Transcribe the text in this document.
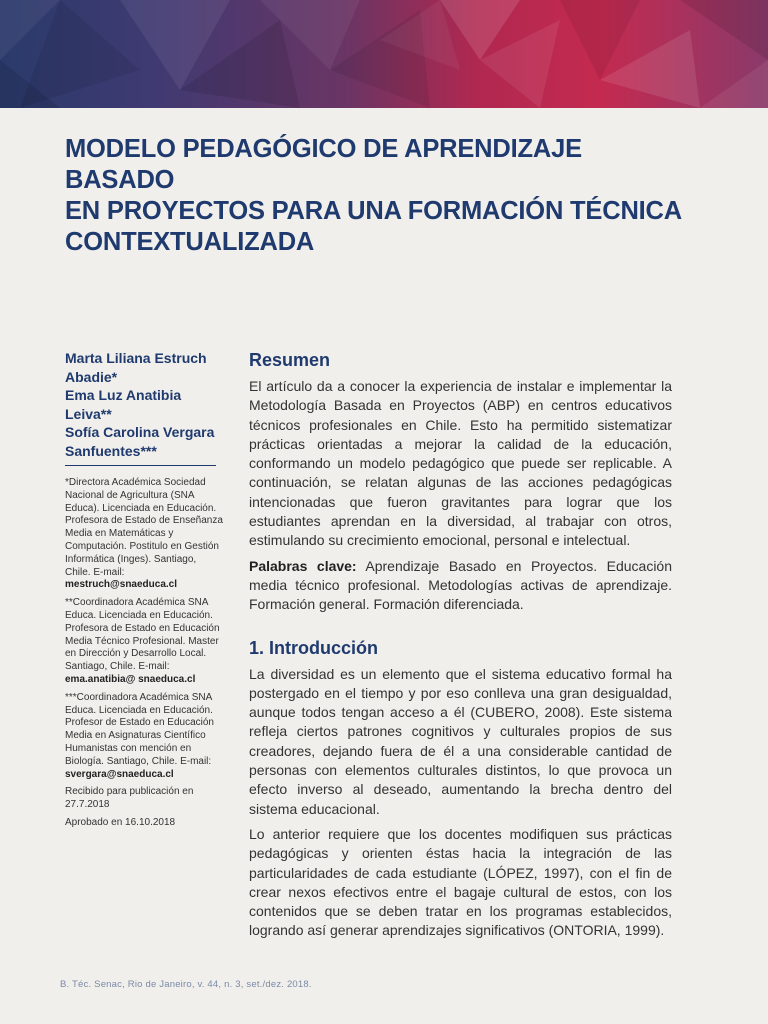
MODELO PEDAGÓGICO DE APRENDIZAJE BASADO
EN PROYECTOS PARA UNA FORMACIÓN TÉCNICA
CONTEXTUALIZADA
Marta Liliana Estruch Abadie*
Ema Luz Anatibia Leiva**
Sofía Carolina Vergara Sanfuentes***

*Directora Académica Sociedad Nacional de Agricultura (SNA Educa). Licenciada en Educación. Profesora de Estado de Enseñanza Media en Matemáticas y Computación. Postitulo en Gestión Informática (Inges). Santiago, Chile. E-mail: mestruch@snaeduca.cl

**Coordinadora Académica SNA Educa. Licenciada en Educación. Profesora de Estado en Educación Media Técnico Profesional. Master en Dirección y Desarrollo Local. Santiago, Chile. E-mail: ema.anatibia@ snaeduca.cl

***Coordinadora Académica SNA Educa. Licenciada en Educación. Profesor de Estado en Educación Media en Asignaturas Científico Humanistas con mención en Biología. Santiago, Chile. E-mail: svergara@snaeduca.cl

Recibido para publicación en 27.7.2018

Aprobado en 16.10.2018

Resumen

El artículo da a conocer la experiencia de instalar e implementar la Metodología Basada en Proyectos (ABP) en centros educativos técnicos profesionales en Chile. Esto ha permitido sistematizar prácticas orientadas a mejorar la calidad de la educación, conformando un modelo pedagógico que puede ser replicable. A continuación, se relatan algunas de las acciones pedagógicas intencionadas que fueron gravitantes para lograr que los estudiantes aprendan en la diversidad, al trabajar con otros, estimulando su crecimiento emocional, personal e intelectual.

Palabras clave: Aprendizaje Basado en Proyectos. Educación media técnico profesional. Metodologías activas de aprendizaje. Formación general. Formación diferenciada.

1. Introducción

La diversidad es un elemento que el sistema educativo formal ha postergado en el tiempo y por eso conlleva una gran desigualdad, aunque todos tengan acceso a él (CUBERO, 2008). Este sistema refleja ciertos patrones cognitivos y culturales propios de sus creadores, dejando fuera de él a una considerable cantidad de personas con elementos culturales distintos, lo que provoca un efecto inverso al deseado, aumentando la brecha dentro del sistema educacional.

Lo anterior requiere que los docentes modifiquen sus prácticas pedagógicas y orienten éstas hacia la integración de las particularidades de cada estudiante (LÓPEZ, 1997), con el fin de crear nexos efectivos entre el bagaje cultural de estos, con los contenidos que se deben tratar en los programas establecidos, logrando así generar aprendizajes significativos (ONTORIA, 1999).

B. Téc. Senac, Rio de Janeiro, v. 44, n. 3, set./dez. 2018.
